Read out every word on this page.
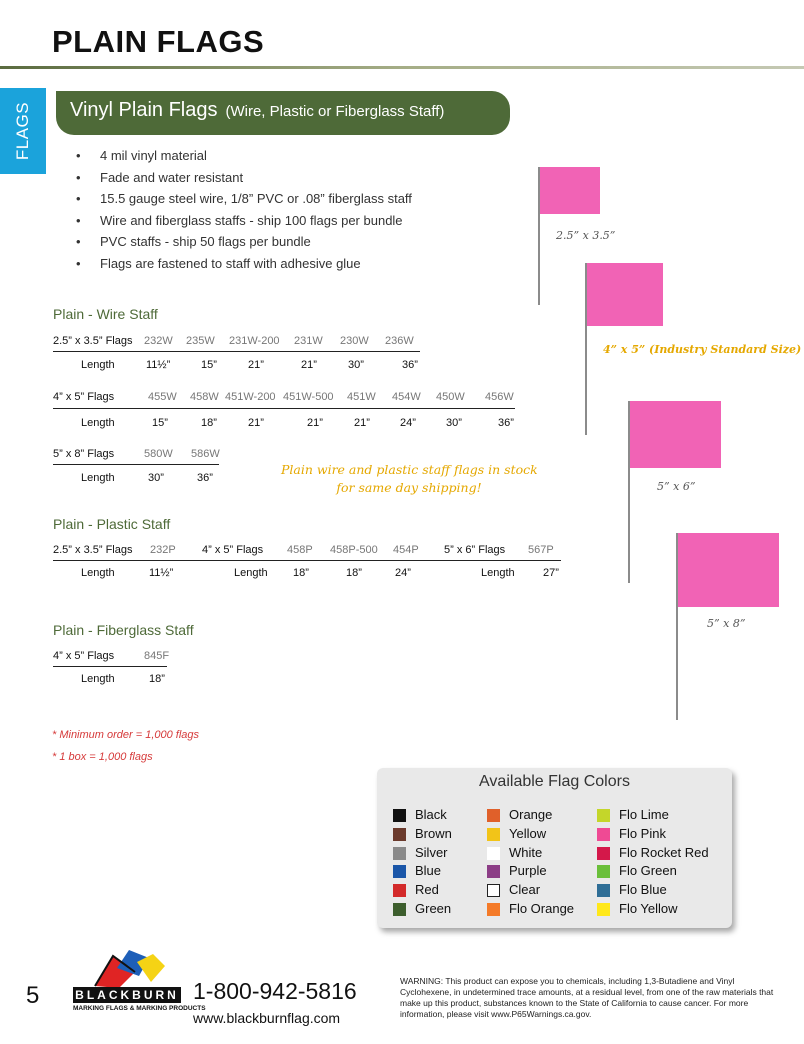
PLAIN FLAGS
FLAGS	Vinyl Plain Flags (Wire, Plastic or Fiberglass Staff)
• 4 mil vinyl material
• Fade and water resistant
• 15.5 gauge steel wire, 1/8” PVC or .08” fiberglass staff
• Wire and fiberglass staffs - ship 100 flags per bundle
• PVC staffs - ship 50 flags per bundle
• Flags are fastened to staff with adhesive glue
Plain - Wire Staff
2.5” x 3.5” Flags 232W 235W 231W-200 231W 230W 236W
Length	11½”	15”	21”	21”	30”	36”
4” x 5” Flags	455W 458W 451W-200 451W-500 451W 454W 450W 456W
Length	15”	18”	21”	21”	21”	24”	30”	36”
5” x 8” Flags	580W 586W
Length	30”	36”
Plain wire and plastic staff flags in stock
for same day shipping!
Plain - Plastic Staff
2.5” x 3.5” Flags 232P 4” x 5” Flags 458P 458P-500 454P 5” x 6” Flags 567P
Length	11½”	Length 18”	18”	24”	Length	27”
Plain - Fiberglass Staff
4” x 5” Flags	845F
Length	18”
* Minimum order = 1,000 flags
* 1 box = 1,000 flags
2.5” x 3.5”
4” x 5” (Industry Standard Size)
5” x 6”
5” x 8”
Available Flag Colors
Black
Brown
Silver
Blue
Red
Green
Orange
Yellow
White
Purple
Clear
Flo Orange
Flo Lime
Flo Pink
Flo Rocket Red
Flo Green
Flo Blue
Flo Yellow
5	BLACKBURN
MARKING FLAGS & MARKING PRODUCTS
1-800-942-5816
www.blackburnflag.com
WARNING: This product can expose you to chemicals, including 1,3-Butadiene and Vinyl Cyclohexene, in undetermined trace amounts, at a residual level, from one of the raw materials that make up this product, substances known to the State of California to cause cancer. For more information, please visit www.P65Warnings.ca.gov.
